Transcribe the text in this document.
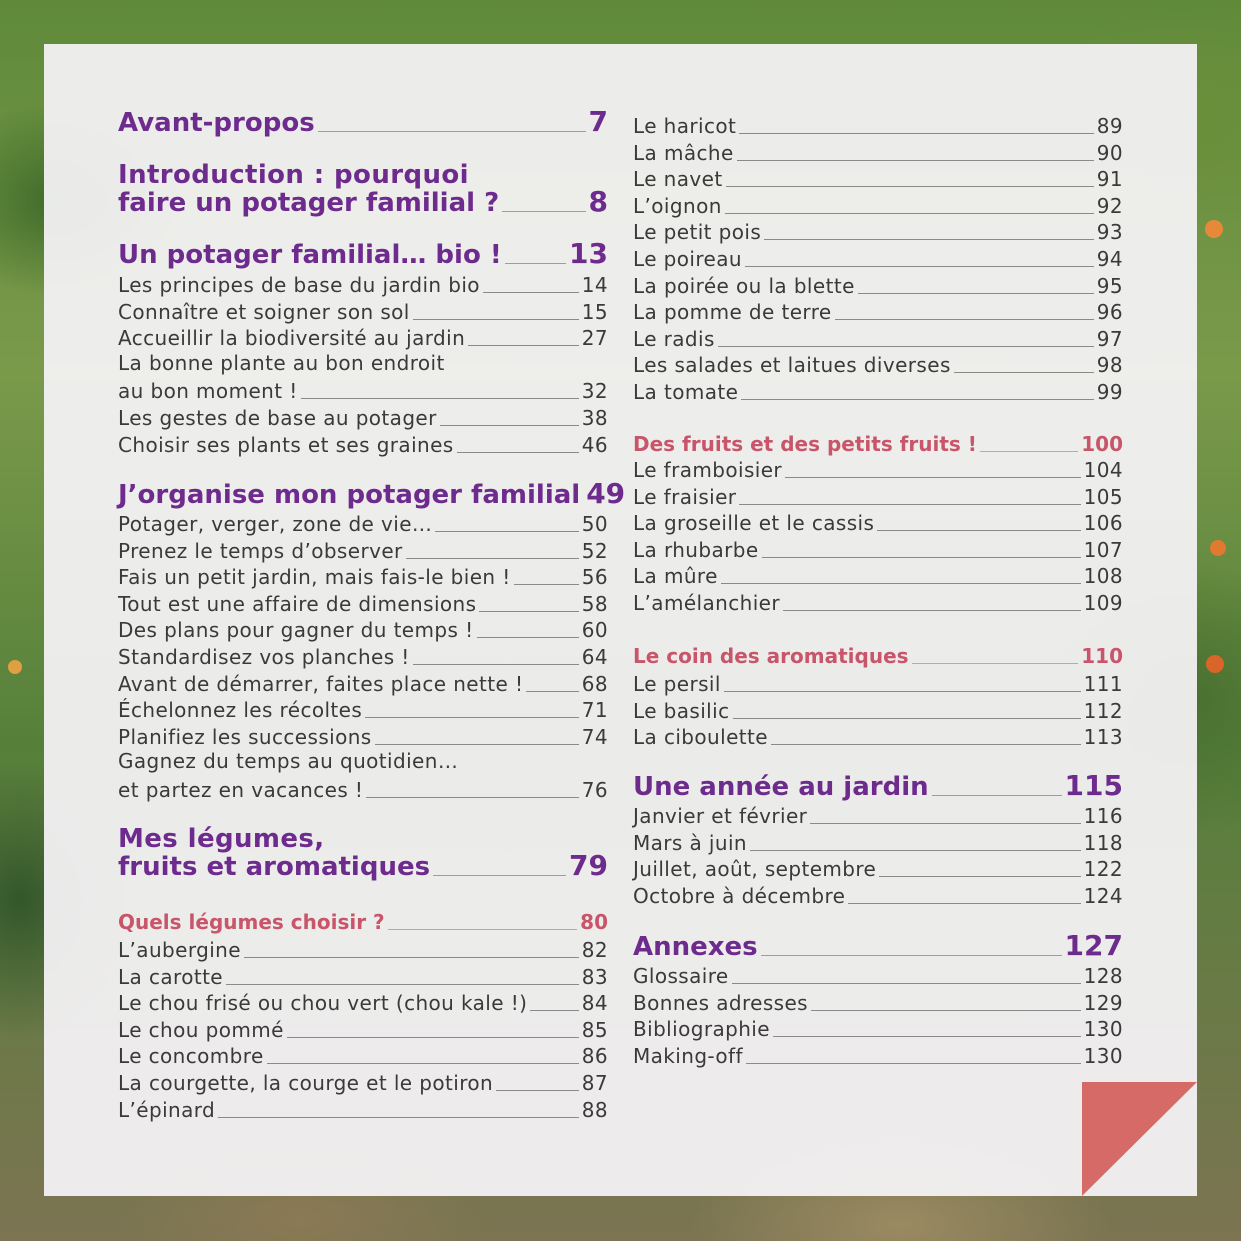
Avant-propos	7
Introduction : pourquoi
faire un potager familial ?	8
Un potager familial… bio ! 13
Les principes de base du jardin bio	14
Connaître et soigner son sol	15
Accueillir la biodiversité au jardin	27
La bonne plante au bon endroit
au bon moment !	32
Les gestes de base au potager	38
Choisir ses plants et ses graines	46
J’organise mon potager familial 49
Potager, verger, zone de vie…	50
Prenez le temps d’observer	52
Fais un petit jardin, mais fais-le bien !	56
Tout est une affaire de dimensions	58
Des plans pour gagner du temps !	60
Standardisez vos planches !	64
Avant de démarrer, faites place nette !	68
Échelonnez les récoltes	71
Planifiez les successions	74
Gagnez du temps au quotidien…
et partez en vacances !	76
Mes légumes,
fruits et aromatiques	79
Quels légumes choisir ?	80
L’aubergine	82
La carotte	83
Le chou frisé ou chou vert (chou kale !)	84
Le chou pommé	85
Le concombre	86
La courgette, la courge et le potiron	87
L’épinard	88
Le haricot	89
La mâche	90
Le navet	91
L’oignon	92
Le petit pois	93
Le poireau	94
La poirée ou la blette	95
La pomme de terre	96
Le radis	97
Les salades et laitues diverses	98
La tomate	99
Des fruits et des petits fruits !	100
Le framboisier	104
Le fraisier	105
La groseille et le cassis	106
La rhubarbe	107
La mûre	108
L’amélanchier	109
Le coin des aromatiques	110
Le persil	111
Le basilic	112
La ciboulette	113
Une année au jardin	115
Janvier et février	116
Mars à juin	118
Juillet, août, septembre	122
Octobre à décembre	124
Annexes	127
Glossaire	128
Bonnes adresses	129
Bibliographie	130
Making-off	130
